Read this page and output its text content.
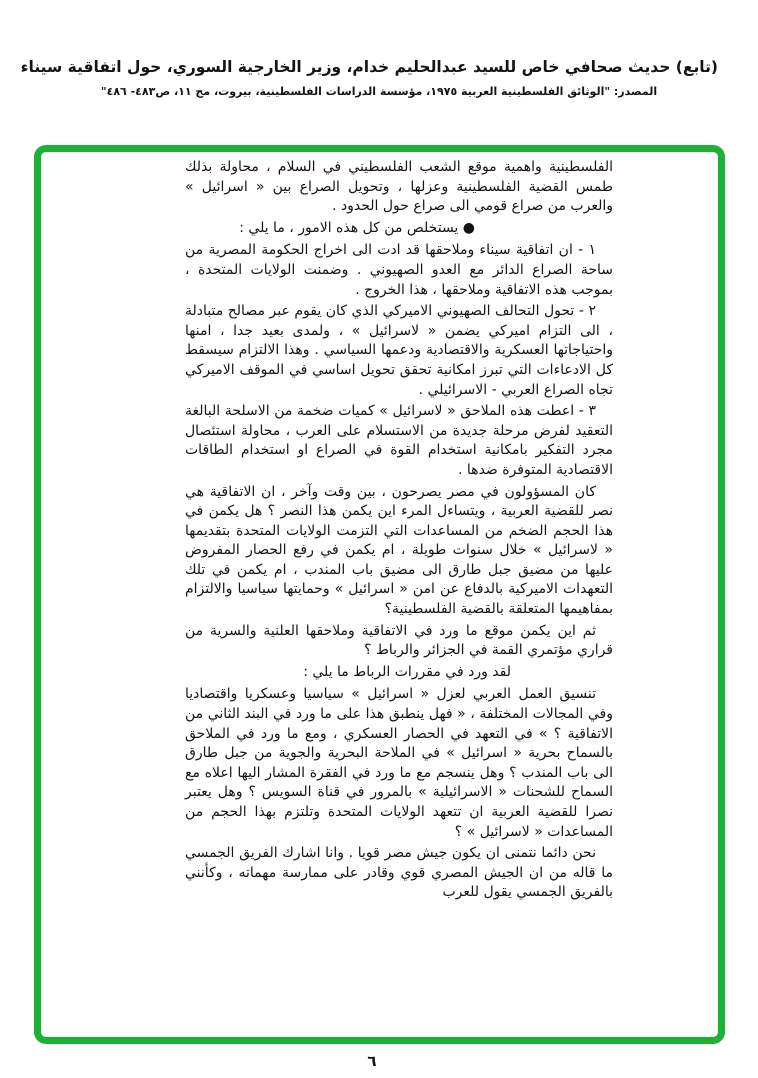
(تابع) حديث صحافي خاص للسيد عبدالحليم خدام، وزير الخارجية السوري، حول اتفاقية سيناء
المصدر: "الوثائق الفلسطينية العربية ١٩٧٥، مؤسسة الدراسات الفلسطينية، بيروت، مج ١١، ص٤٨٣- ٤٨٦"

الفلسطينية واهمية موقع الشعب الفلسطيني في السلام ، محاولة بذلك طمس القضية الفلسطينية وعزلها ، وتحويل الصراع بين « اسرائيل » والعرب من صراع قومي الى صراع حول الحدود .

● يستخلص من كل هذه الامور ، ما يلي :

١ - ان اتفاقية سيناء وملاحقها قد ادت الى اخراج الحكومة المصرية من ساحة الصراع الدائر مع العدو الصهيوني . وضمنت الولايات المتحدة ، بموجب هذه الاتفاقية وملاحقها ، هذا الخروج .

٢ - تحول التحالف الصهيوني الاميركي الذي كان يقوم عبر مصالح متبادلة ، الى التزام اميركي يضمن « لاسرائيل » ، ولمدى بعيد جدا ، امنها واحتياجاتها العسكرية والاقتصادية ودعمها السياسي . وهذا الالتزام سيسقط كل الادعاءات التي تبرز امكانية تحقق تحويل اساسي في الموقف الاميركي تجاه الصراع العربي - الاسرائيلي .

٣ - اعطت هذه الملاحق « لاسرائيل » كميات ضخمة من الاسلحة البالغة التعقيد لفرض مرحلة جديدة من الاستسلام على العرب ، محاولة استئصال مجرد التفكير بامكانية استخدام القوة في الصراع او استخدام الطاقات الاقتصادية المتوفرة ضدها .

كان المسؤولون في مصر يصرحون ، بين وقت وآخر ، ان الاتفاقية هي نصر للقضية العربية ، ويتساءل المرء اين يكمن هذا النصر ؟ هل يكمن في هذا الحجم الضخم من المساعدات التي التزمت الولايات المتحدة بتقديمها « لاسرائيل » خلال سنوات طويلة ، ام يكمن في رفع الحصار المفروض عليها من مضيق جبل طارق الى مضيق باب المندب ، ام يكمن في تلك التعهدات الاميركية بالدفاع عن امن « اسرائيل » وحمايتها سياسيا والالتزام بمفاهيمها المتعلقة بالقضية الفلسطينية؟

ثم اين يكمن موقع ما ورد في الاتفاقية وملاحقها العلنية والسرية من قراري مؤتمري القمة في الجزائر والرباط ؟

لقد ورد في مقررات الرباط ما يلي :

تنسيق العمل العربي لعزل « اسرائيل » سياسيا وعسكريا واقتصاديا وفي المجالات المختلفة ، « فهل ينطبق هذا على ما ورد في البند الثاني من الاتفاقية ؟ » في التعهد في الحصار العسكري ، ومع ما ورد في الملاحق بالسماح بحرية « اسرائيل » في الملاحة البحرية والجوية من جبل طارق الى باب المندب ؟ وهل ينسجم مع ما ورد في الفقرة المشار اليها اعلاه مع السماح للشحنات « الاسرائيلية » بالمرور في قناة السويس ؟ وهل يعتبر نصرا للقضية العربية ان تتعهد الولايات المتحدة وتلتزم بهذا الحجم من المساعدات « لاسرائيل » ؟

نحن دائما نتمنى ان يكون جيش مصر قويا . وانا اشارك الفريق الجمسي ما قاله من ان الجيش المصري قوي وقادر على ممارسة مهماته ، وكأنني بالفريق الجمسي يقول للعرب

٦
